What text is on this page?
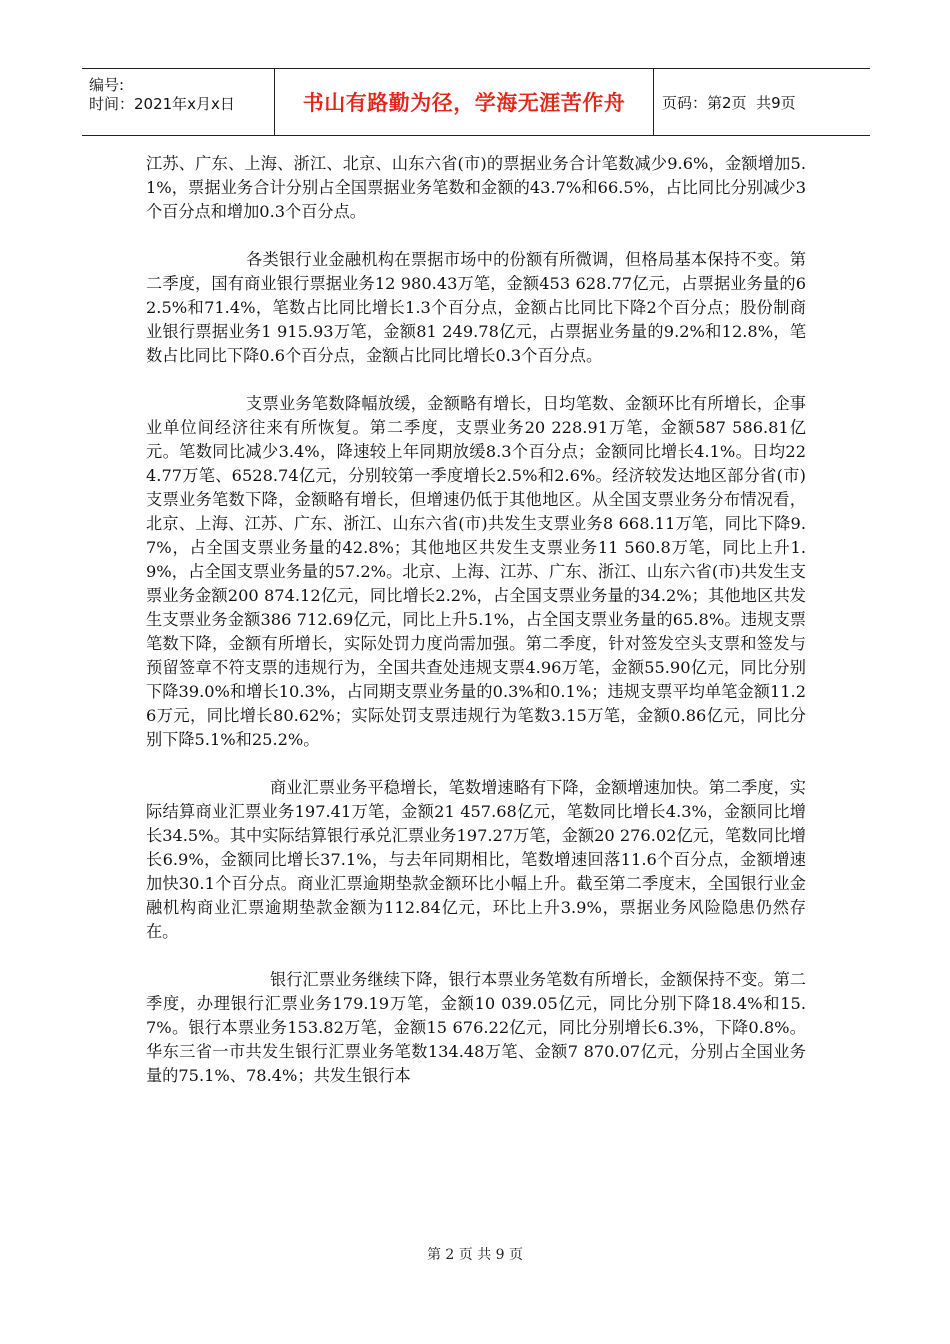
编号:
时间：2021年x月x日	书山有路勤为径，学海无涯苦作舟	页码：第2页  共9页

江苏、广东、上海、浙江、北京、山东六省(市)的票据业务合计笔数减少9.6%，金额增加5.1%，票据业务合计分别占全国票据业务笔数和金额的43.7%和66.5%，占比同比分别减少3个百分点和增加0.3个百分点。

各类银行业金融机构在票据市场中的份额有所微调，但格局基本保持不变。第二季度，国有商业银行票据业务12 980.43万笔，金额453 628.77亿元，占票据业务量的62.5%和71.4%，笔数占比同比增长1.3个百分点，金额占比同比下降2个百分点；股份制商业银行票据业务1 915.93万笔，金额81 249.78亿元，占票据业务量的9.2%和12.8%，笔数占比同比下降0.6个百分点，金额占比同比增长0.3个百分点。

支票业务笔数降幅放缓，金额略有增长，日均笔数、金额环比有所增长，企事业单位间经济往来有所恢复。第二季度，支票业务20 228.91万笔，金额587 586.81亿元。笔数同比减少3.4%，降速较上年同期放缓8.3个百分点；金额同比增长4.1%。日均224.77万笔、6528.74亿元，分别较第一季度增长2.5%和2.6%。经济较发达地区部分省(市)支票业务笔数下降，金额略有增长，但增速仍低于其他地区。从全国支票业务分布情况看，北京、上海、江苏、广东、浙江、山东六省(市)共发生支票业务8 668.11万笔，同比下降9.7%，占全国支票业务量的42.8%；其他地区共发生支票业务11 560.8万笔，同比上升1.9%，占全国支票业务量的57.2%。北京、上海、江苏、广东、浙江、山东六省(市)共发生支票业务金额200 874.12亿元，同比增长2.2%，占全国支票业务量的34.2%；其他地区共发生支票业务金额386 712.69亿元，同比上升5.1%，占全国支票业务量的65.8%。违规支票笔数下降，金额有所增长，实际处罚力度尚需加强。第二季度，针对签发空头支票和签发与预留签章不符支票的违规行为，全国共查处违规支票4.96万笔，金额55.90亿元，同比分别下降39.0%和增长10.3%，占同期支票业务量的0.3%和0.1%；违规支票平均单笔金额11.26万元，同比增长80.62%；实际处罚支票违规行为笔数3.15万笔，金额0.86亿元，同比分别下降5.1%和25.2%。

商业汇票业务平稳增长，笔数增速略有下降，金额增速加快。第二季度，实际结算商业汇票业务197.41万笔，金额21 457.68亿元，笔数同比增长4.3%，金额同比增长34.5%。其中实际结算银行承兑汇票业务197.27万笔，金额20 276.02亿元，笔数同比增长6.9%，金额同比增长37.1%，与去年同期相比，笔数增速回落11.6个百分点，金额增速加快30.1个百分点。商业汇票逾期垫款金额环比小幅上升。截至第二季度末，全国银行业金融机构商业汇票逾期垫款金额为112.84亿元，环比上升3.9%，票据业务风险隐患仍然存在。

银行汇票业务继续下降，银行本票业务笔数有所增长，金额保持不变。第二季度，办理银行汇票业务179.19万笔，金额10 039.05亿元，同比分别下降18.4%和15.7%。银行本票业务153.82万笔，金额15 676.22亿元，同比分别增长6.3%，下降0.8%。华东三省一市共发生银行汇票业务笔数134.48万笔、金额7 870.07亿元，分别占全国业务量的75.1%、78.4%；共发生银行本

第 2 页 共 9 页
